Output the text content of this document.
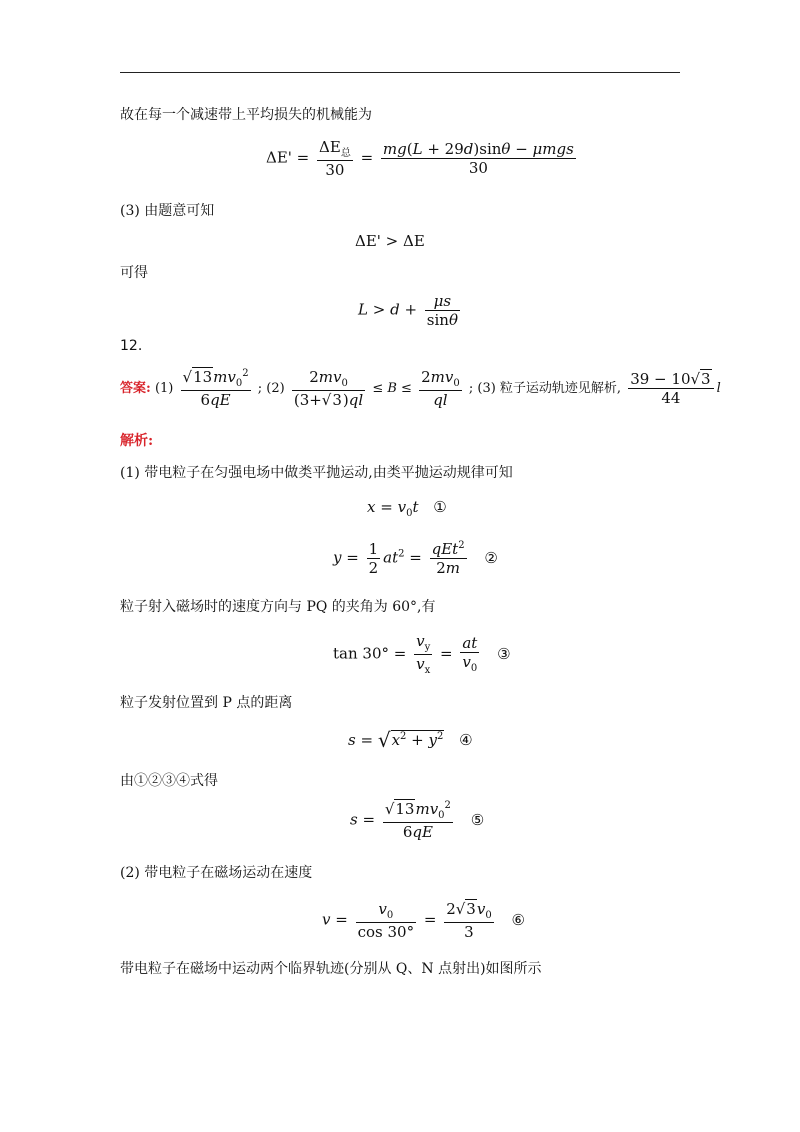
故在每一个减速带上平均损失的机械能为
$\Delta E' = \frac{\Delta E_总}{30} = \frac{\text{mg(L + 29d)sinθ − μmgs}}{30}$
(3) 由题意可知
ΔE' > ΔE
可得
$L > d + \frac{\mu s}{\sin\theta}$
12.
答案: $(1) \frac{√13mv_0^2}{6qE}$ ; $(2) \frac{2mv_0}{(3+√3)ql} \le B \le \frac{2mv_0}{ql}$ ; (3) 粒子运动轨迹见解析, $\frac{39 - 10√3}{44}$ l
解析:
(1) 带电粒子在匀强电场中做类平抛运动,由类平抛运动规律可知
$x = v_0t$ ①
$y = \frac{1}{2} at^2 = \frac{qEt^2}{2m}$ ②
粒子射入磁场时的速度方向与 PQ 的夹角为 60°,有
$\tan 30^\circ = \frac{v_y}{v_x} = \frac{at}{v_0}$ ③
粒子发射位置到 P 点的距离
$s = √x^2 + y^2$ ④
由①②③④式得
$s = \frac{√13mv_0^2}{6qE}$ ⑤
(2) 带电粒子在磁场运动在速度
$v = \frac{v_0}{\cos 30^\circ} = \frac{2√3v_0}{3}$ ⑥
带电粒子在磁场中运动两个临界轨迹(分别从 Q、N 点射出)如图所示
